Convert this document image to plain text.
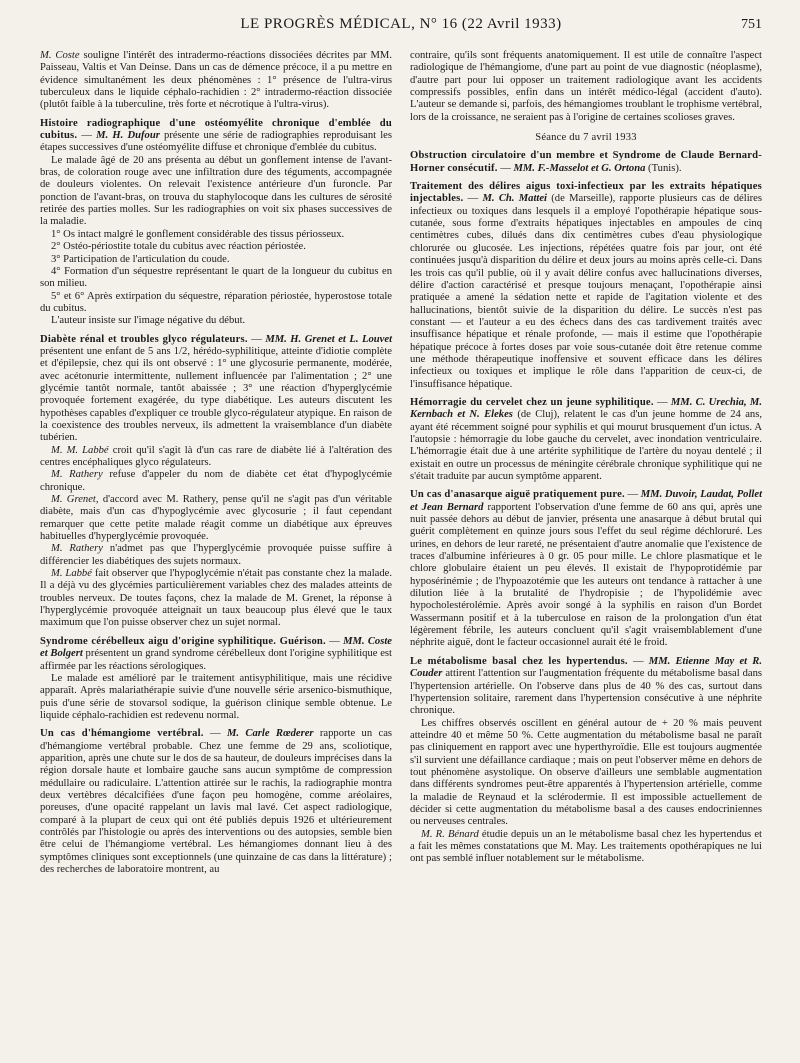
LE PROGRÈS MÉDICAL, N° 16 (22 Avril 1933)	751

M. Coste souligne l'intérêt des intradermo-réactions dissociées décrites par MM. Paisseau, Valtis et Van Deinse. Dans un cas de démence précoce, il a pu mettre en évidence simultanément les deux phénomènes : 1° présence de l'ultra-virus tuberculeux dans le liquide céphalo-rachidien : 2° intradermo-réaction dissociée (plutôt faible à la tuberculine, très forte et nécrotique à l'ultra-virus).

Histoire radiographique d'une ostéomyélite chronique d'emblée du cubitus. — M. H. Dufour présente une série de radiographies reproduisant les étapes successives d'une ostéomyélite diffuse et chronique d'emblée du cubitus.

Le malade âgé de 20 ans présenta au début un gonflement intense de l'avant-bras, de coloration rouge avec une infiltration dure des téguments, accompagnée de douleurs violentes. On relevait l'existence antérieure d'un furoncle. Par ponction de l'avant-bras, on trouva du staphylocoque dans les cultures de sérosité retirée des parties molles. Sur les radiographies on voit six phases successives de la maladie.

1° Os intact malgré le gonflement considérable des tissus périosseux.

2° Ostéo-périostite totale du cubitus avec réaction périostée.

3° Participation de l'articulation du coude.

4° Formation d'un séquestre représentant le quart de la longueur du cubitus en son milieu.

5° et 6° Après extirpation du séquestre, réparation périostée, hyperostose totale du cubitus.

L'auteur insiste sur l'image négative du début.

Diabète rénal et troubles glyco régulateurs. — MM. H. Grenet et L. Louvet présentent une enfant de 5 ans 1/2, hérédo-syphilitique, atteinte d'idiotie complète et d'épilepsie, chez qui ils ont observé : 1° une glycosurie permanente, modérée, avec acétonurie intermittente, nullement influencée par l'alimentation ; 2° une glycémie tantôt normale, tantôt abaissée ; 3° une réaction d'hyperglycémie provoquée fortement exagérée, du type diabétique. Les auteurs discutent les hypothèses capables d'expliquer ce trouble glyco-régulateur atypique. En raison de la coexistence des troubles nerveux, ils admettent la vraisemblance d'un diabète tubérien.

M. M. Labbé croit qu'il s'agit là d'un cas rare de diabète lié à l'altération des centres encéphaliques glyco régulateurs.

M. Rathery refuse d'appeler du nom de diabète cet état d'hypoglycémie chronique.

M. Grenet, d'accord avec M. Rathery, pense qu'il ne s'agit pas d'un véritable diabète, mais d'un cas d'hypoglycémie avec glycosurie ; il faut cependant remarquer que cette petite malade réagit comme un diabétique aux épreuves habituelles d'hyperglycémie provoquée.

M. Rathery n'admet pas que l'hyperglycémie provoquée puisse suffire à différencier les diabétiques des sujets normaux.

M. Labbé fait observer que l'hypoglycémie n'était pas constante chez la malade. Il a déjà vu des glycémies particulièrement variables chez des malades atteints de troubles nerveux. De toutes façons, chez la malade de M. Grenet, la réponse à l'hyperglycémie provoquée atteignait un taux beaucoup plus élevé que le taux maximum que l'on puisse observer chez un sujet normal.

Syndrome cérébelleux aigu d'origine syphilitique. Guérison. — MM. Coste et Bolgert présentent un grand syndrome cérébelleux dont l'origine syphilitique est affirmée par les réactions sérologiques.

Le malade est amélioré par le traitement antisyphilitique, mais une récidive apparaît. Après malariathérapie suivie d'une nouvelle série arsenico-bismuthique, puis d'une série de stovarsol sodique, la guérison clinique semble obtenue. Le liquide céphalo-rachidien est redevenu normal.

Un cas d'hémangiome vertébral. — M. Carle Rœderer rapporte un cas d'hémangiome vertébral probable. Chez une femme de 29 ans, scoliotique, apparition, après une chute sur le dos de sa hauteur, de douleurs imprécises dans la région dorsale haute et lombaire gauche sans aucun symptôme de compression médullaire ou radiculaire. L'attention attirée sur le rachis, la radiographie montra deux vertèbres décalcifiées d'une façon peu homogène, comme aréolaires, poreuses, d'une opacité rappelant un lavis mal lavé. Cet aspect radiologique, comparé à la plupart de ceux qui ont été publiés depuis 1926 et ultérieurement contrôlés par l'histologie ou après des interventions ou des autopsies, semble bien être celui de l'hémangiome vertébral. Les hémangiomes donnant lieu à des symptômes cliniques sont exceptionnels (une quinzaine de cas dans la littérature) ; des recherches de laboratoire montrent, au

contraire, qu'ils sont fréquents anatomiquement. Il est utile de connaître l'aspect radiologique de l'hémangiome, d'une part au point de vue diagnostic (néoplasme), d'autre part pour lui opposer un traitement radiologique avant les accidents compressifs possibles, enfin dans un intérêt médico-légal (accident d'auto). L'auteur se demande si, parfois, des hémangiomes troublant le trophisme vertébral, lors de la croissance, ne seraient pas à l'origine de certaines scolioses graves.

Séance du 7 avril 1933

Obstruction circulatoire d'un membre et Syndrome de Claude Bernard-Horner consécutif. — MM. F.-Masselot et G. Ortona (Tunis).

Traitement des délires aigus toxi-infectieux par les extraits hépatiques injectables. — M. Ch. Mattei (de Marseille), rapporte plusieurs cas de délires infectieux ou toxiques dans lesquels il a employé l'opothérapie hépatique sous-cutanée, sous forme d'extraits hépatiques injectables en ampoules de cinq centimètres cubes, dilués dans dix centimètres cubes d'eau physiologique chlorurée ou glucosée. Les injections, répétées quatre fois par jour, ont été continuées jusqu'à disparition du délire et deux jours au moins après celle-ci. Dans les trois cas qu'il publie, où il y avait délire confus avec hallucinations diverses, délire d'action caractérisé et presque toujours menaçant, l'opothérapie ainsi pratiquée a amené la sédation nette et rapide de l'agitation violente et des hallucinations, bientôt suivie de la disparition du délire. Le succès n'est pas constant — et l'auteur a eu des échecs dans des cas tardivement traités avec insuffisance hépatique et rénale profonde, — mais il estime que l'opothérapie hépatique précoce à fortes doses par voie sous-cutanée doit être retenue comme une méthode thérapeutique inoffensive et souvent efficace dans les délires infectieux ou toxiques et implique le rôle dans l'apparition de ceux-ci, de l'insuffisance hépatique.

Hémorragie du cervelet chez un jeune syphilitique. — MM. C. Urechia, M. Kernbach et N. Elekes (de Cluj), relatent le cas d'un jeune homme de 24 ans, ayant été récemment soigné pour syphilis et qui mourut brusquement d'un ictus. A l'autopsie : hémorragie du lobe gauche du cervelet, avec inondation ventriculaire. L'hémorragie était due à une artérite syphilitique de l'artère du noyau dentelé ; il existait en outre un processus de méningite cérébrale chronique syphilitique qui ne s'était traduite par aucun symptôme apparent.

Un cas d'anasarque aiguë pratiquement pure. — MM. Duvoir, Laudat, Pollet et Jean Bernard rapportent l'observation d'une femme de 60 ans qui, après une nuit passée dehors au début de janvier, présenta une anasarque à début brutal qui guérit complètement en quinze jours sous l'effet du seul régime déchloruré. Les urines, en dehors de leur rareté, ne présentaient d'autre anomalie que l'existence de traces d'albumine inférieures à 0 gr. 05 pour mille. Le chlore plasmatique et le chlore globulaire étaient un peu élevés. Il existait de l'hypoprotidémie par hyposérinémie ; de l'hypoazotémie que les auteurs ont tendance à rattacher à une dilution liée à la brutalité de l'hydropisie ; de l'hypolidémie avec hypocholestérolémie. Après avoir songé à la syphilis en raison d'un Bordet Wassermann positif et à la tuberculose en raison de la prolongation d'un état légèrement fébrile, les auteurs concluent qu'il s'agit vraisemblablement d'une néphrite aiguë, dont le facteur occasionnel aurait été le froid.

Le métabolisme basal chez les hypertendus. — MM. Etienne May et R. Couder attirent l'attention sur l'augmentation fréquente du métabolisme basal dans l'hypertension artérielle. On l'observe dans plus de 40 % des cas, surtout dans l'hypertension solitaire, rarement dans l'hypertension consécutive à une néphrite chronique.

Les chiffres observés oscillent en général autour de + 20 % mais peuvent atteindre 40 et même 50 %. Cette augmentation du métabolisme basal ne paraît pas cliniquement en rapport avec une hyperthyroïdie. Elle est toujours augmentée s'il survient une défaillance cardiaque ; mais on peut l'observer même en dehors de tout phénomène asystolique. On observe d'ailleurs une semblable augmentation dans différents syndromes peut-être apparentés à l'hypertension artérielle, comme la maladie de Reynaud et la sclérodermie. Il est impossible actuellement de décider si cette augmentation du métabolisme basal a des causes endocriniennes ou nerveuses centrales.

M. R. Bénard étudie depuis un an le métabolisme basal chez les hypertendus et a fait les mêmes constatations que M. May. Les traitements opothérapiques ne lui ont pas semblé influer notablement sur le métabolisme.
